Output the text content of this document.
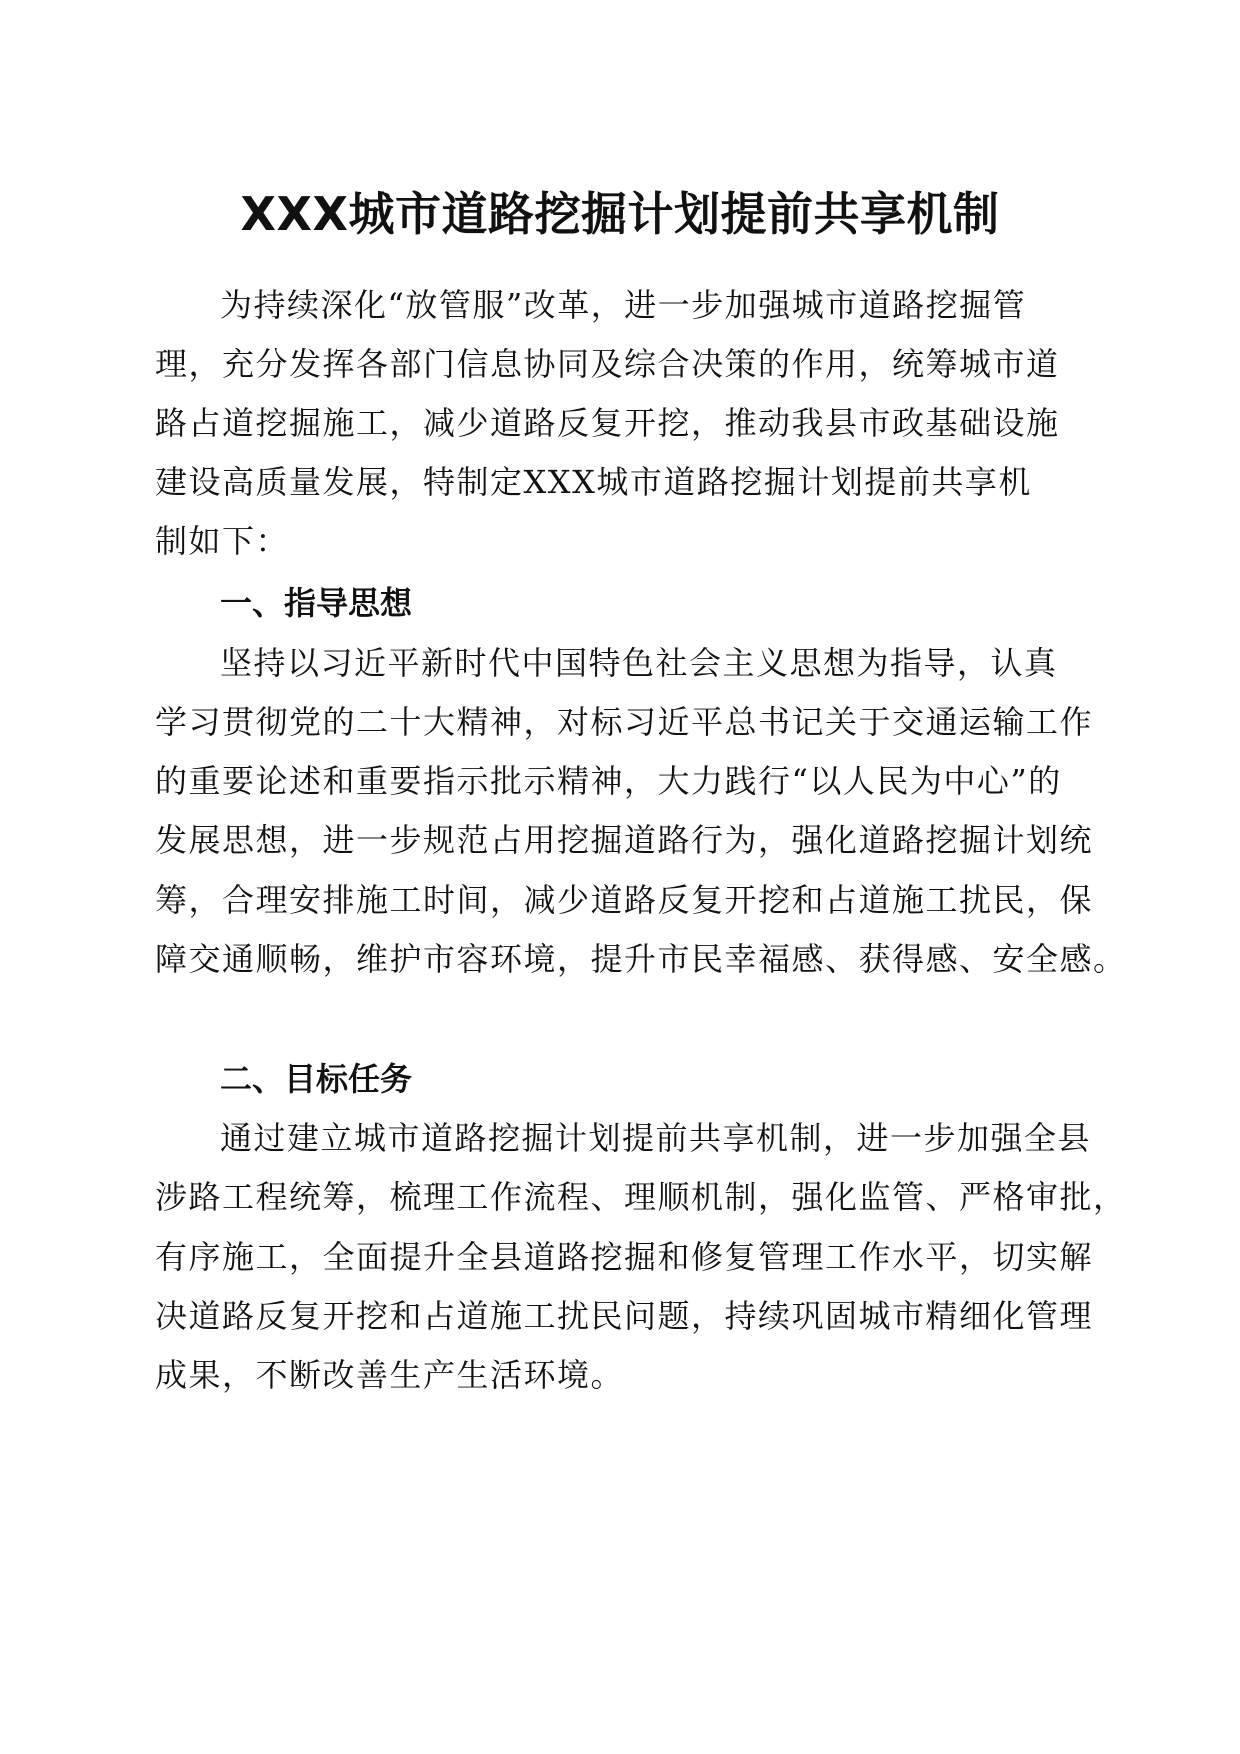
XXX城市道路挖掘计划提前共享机制

为持续深化“放管服”改革，进一步加强城市道路挖掘管

理，充分发挥各部门信息协同及综合决策的作用，统筹城市道

路占道挖掘施工，减少道路反复开挖，推动我县市政基础设施

建设高质量发展，特制定XXX城市道路挖掘计划提前共享机

制如下：

一、指导思想

坚持以习近平新时代中国特色社会主义思想为指导，认真

学习贯彻党的二十大精神，对标习近平总书记关于交通运输工作

的重要论述和重要指示批示精神，大力践行“以人民为中心”的

发展思想，进一步规范占用挖掘道路行为，强化道路挖掘计划统

筹，合理安排施工时间，减少道路反复开挖和占道施工扰民，保

障交通顺畅，维护市容环境，提升市民幸福感、获得感、安全感。

二、目标任务

通过建立城市道路挖掘计划提前共享机制，进一步加强全县

涉路工程统筹，梳理工作流程、理顺机制，强化监管、严格审批，

有序施工，全面提升全县道路挖掘和修复管理工作水平，切实解

决道路反复开挖和占道施工扰民问题，持续巩固城市精细化管理

成果，不断改善生产生活环境。
